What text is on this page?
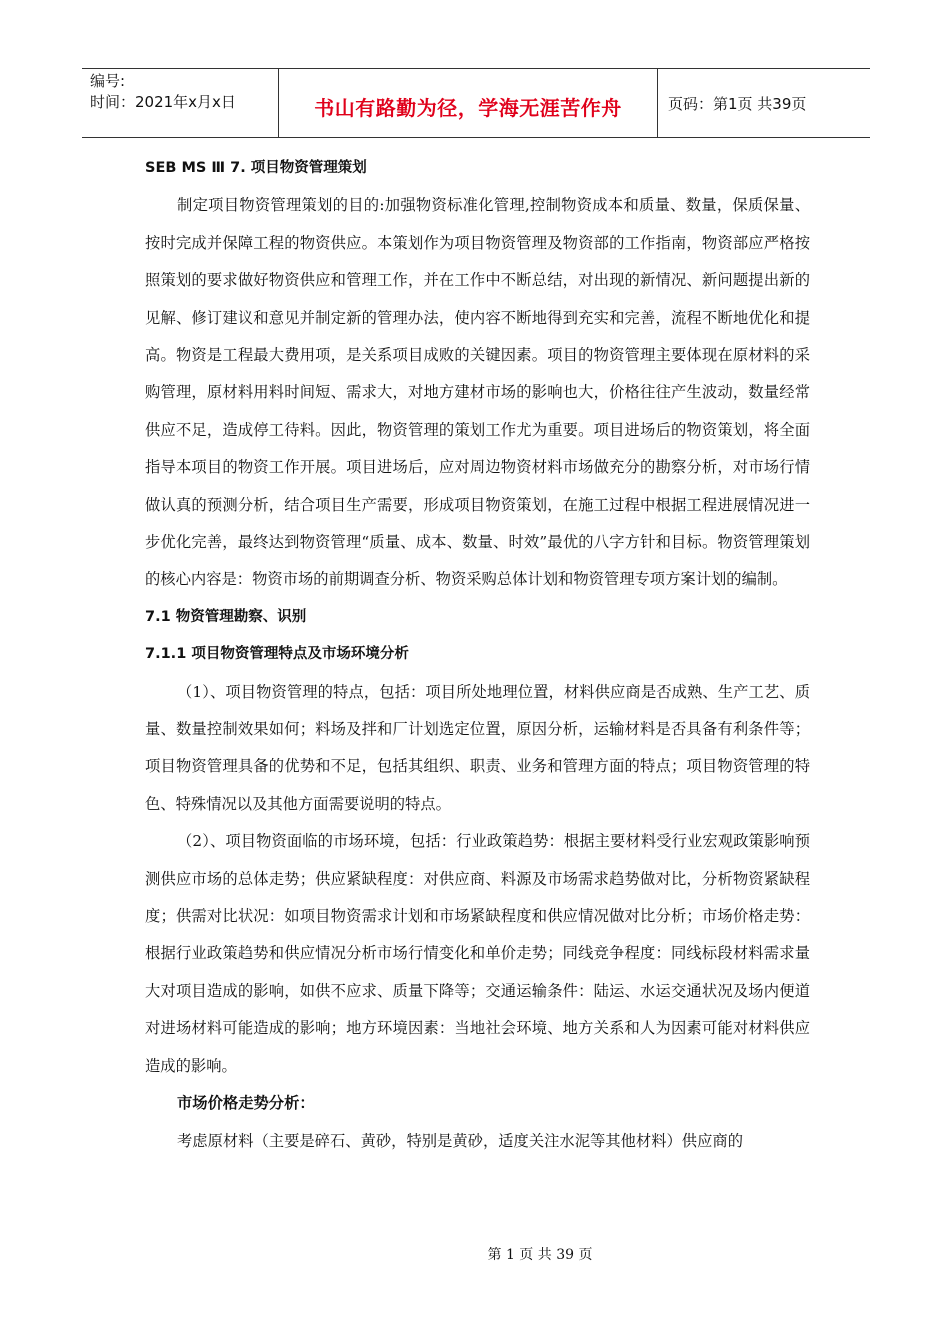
编号:
时间：2021年x月x日	书山有路勤为径，学海无涯苦作舟	页码：第1页 共39页
SEB MS Ⅲ 7. 项目物资管理策划
制定项目物资管理策划的目的:加强物资标准化管理,控制物资成本和质量、数量，保质保量、按时完成并保障工程的物资供应。本策划作为项目物资管理及物资部的工作指南，物资部应严格按照策划的要求做好物资供应和管理工作，并在工作中不断总结，对出现的新情况、新问题提出新的见解、修订建议和意见并制定新的管理办法，使内容不断地得到充实和完善，流程不断地优化和提高。物资是工程最大费用项，是关系项目成败的关键因素。项目的物资管理主要体现在原材料的采购管理，原材料用料时间短、需求大，对地方建材市场的影响也大，价格往往产生波动，数量经常供应不足，造成停工待料。因此，物资管理的策划工作尤为重要。项目进场后的物资策划，将全面指导本项目的物资工作开展。项目进场后，应对周边物资材料市场做充分的勘察分析，对市场行情做认真的预测分析，结合项目生产需要，形成项目物资策划，在施工过程中根据工程进展情况进一步优化完善，最终达到物资管理“质量、成本、数量、时效”最优的八字方针和目标。物资管理策划的核心内容是：物资市场的前期调查分析、物资采购总体计划和物资管理专项方案计划的编制。
7.1 物资管理勘察、识别
7.1.1 项目物资管理特点及市场环境分析
（1）、项目物资管理的特点，包括：项目所处地理位置，材料供应商是否成熟、生产工艺、质量、数量控制效果如何；料场及拌和厂计划选定位置，原因分析，运输材料是否具备有利条件等；项目物资管理具备的优势和不足，包括其组织、职责、业务和管理方面的特点；项目物资管理的特色、特殊情况以及其他方面需要说明的特点。
（2）、项目物资面临的市场环境，包括：行业政策趋势：根据主要材料受行业宏观政策影响预测供应市场的总体走势；供应紧缺程度：对供应商、料源及市场需求趋势做对比，分析物资紧缺程度；供需对比状况：如项目物资需求计划和市场紧缺程度和供应情况做对比分析；市场价格走势：根据行业政策趋势和供应情况分析市场行情变化和单价走势；同线竞争程度：同线标段材料需求量大对项目造成的影响，如供不应求、质量下降等；交通运输条件：陆运、水运交通状况及场内便道对进场材料可能造成的影响；地方环境因素：当地社会环境、地方关系和人为因素可能对材料供应造成的影响。
市场价格走势分析：
考虑原材料（主要是碎石、黄砂，特别是黄砂，适度关注水泥等其他材料）供应商的
第 1 页 共 39 页
